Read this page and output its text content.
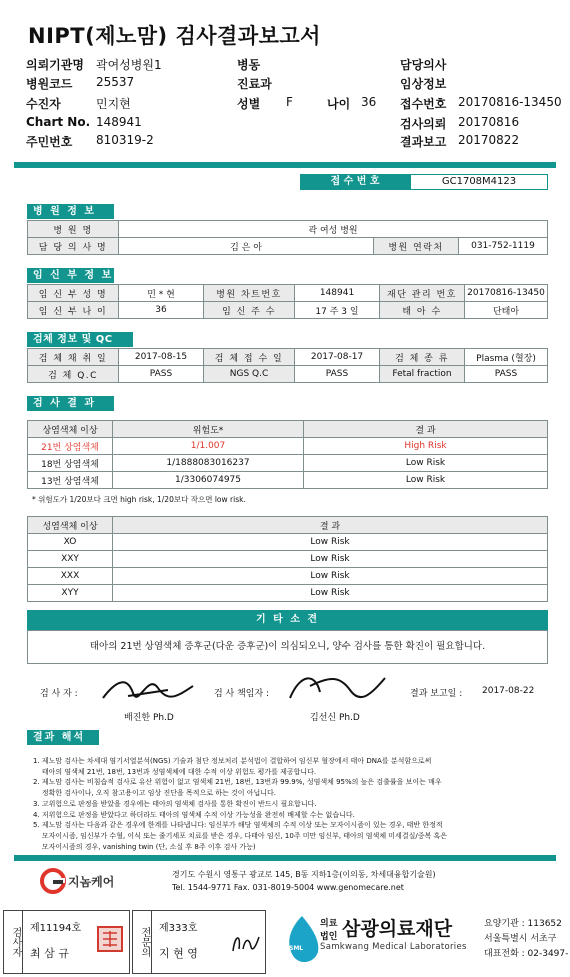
NIPT(제노맘) 검사결과보고서
의뢰기관명 곽여성병원1	병동	담당의사
병원코드 25537	진료과	임상정보
수진자	민지현	성별 F	나이 36 접수번호 20170816-13450
Chart No. 148941	검사의뢰 20170816
주민번호 810319-2	결과보고 20170822
접 수 번 호	GC1708M4123
병 원 정 보
병 원 명	곽 여성 병원		
담 당 의 사 명	김 은 아	병원 연락처	031-752-1119
임 신 부 정 보
임 신 부 성 명	민 * 현	병원 차트번호	148941	재단 관리 번호	20170816-13450
임 신 부 나 이	36	임 신 주 수	17 주 3 일	태 아 수	단태아
검체 정보 및 QC
검 체 채 취 일	2017-08-15	검 체 접 수 일	2017-08-17	검 체 종 류	Plasma (혈장)
검 체 Q.C	PASS	NGS Q.C	PASS	Fetal fraction	PASS
검 사 결 과
상염색체 이상	위험도*	결 과
21번 상염색체	1/1.007	High Risk
18번 상염색체	1/1888083016237	Low Risk
13번 상염색체	1/3306074975	Low Risk
* 위험도가 1/20보다 크면 high risk, 1/20보다 작으면 low risk.
성염색체 이상	결 과
XO	Low Risk
XXY	Low Risk
XXX	Low Risk
XYY	Low Risk
기 타 소 견
태아의 21번 상염색체 증후군(다운 증후군)이 의심되오니, 양수 검사를 통한 확진이 필요합니다.
검 사 자 :
배진한 Ph.D
검 사 책임자 :
김선신 Ph.D
결과 보고일 : 2017-08-22
결과 해석
1. 제노맘 검사는 차세대 염기서열분석(NGS) 기술과 첨단 정보처리 분석법이 결합하여 임신부 혈장에서 태아 DNA를 분석함으로써
태아의 염색체 21번, 18번, 13번과 성염색체에 대한 수적 이상 위험도 평가를 제공합니다.
2. 제노맘 검사는 비침습적 검사로 유산 위험이 없고 염색체 21번, 18번, 13번과 99.9%, 성염색체 95%의 높은 검출률을 보이는 매우
정확한 검사이나, 오직 참고용이고 임상 진단을 목적으로 하는 것이 아닙니다.
3. 고위험으로 판정을 받았을 경우에는 태아의 염색체 검사를 통한 확진이 반드시 필요합니다.
4. 저위험으로 판정을 받았다고 하더라도 태아의 염색체 수적 이상 가능성을 완전히 배제할 수는 없습니다.
5. 제노맘 검사는 다음과 같은 경우에 한계를 나타냅니다: 임신부가 해당 염색체의 수적 이상 또는 모자이시즘이 있는 경우, 태반 한정적
모자이시즘, 임신부가 수혈, 이식 또는 줄기세포 치료를 받은 경우, 다태아 임신, 10주 미만 임신부, 태아의 염색체 미세결실/중복 혹은
모자이시즘의 경우, vanishing twin (단, 소실 후 8주 이후 검사 가능)
지놈케어
경기도 수원시 영통구 광교로 145, B동 지하1층(이의동, 차세대융합기술원)
Tel. 1544-9771 Fax. 031-8019-5004 www.genomecare.net
검사자 제11194호
최 삼 규	전문의 제333호
지 현 영	SML
의료
법인 삼광의료재단
Samkwang Medical Laboratories
요양기관 : 113652
서울특별시 서초구
대표전화 : 02-3497-
